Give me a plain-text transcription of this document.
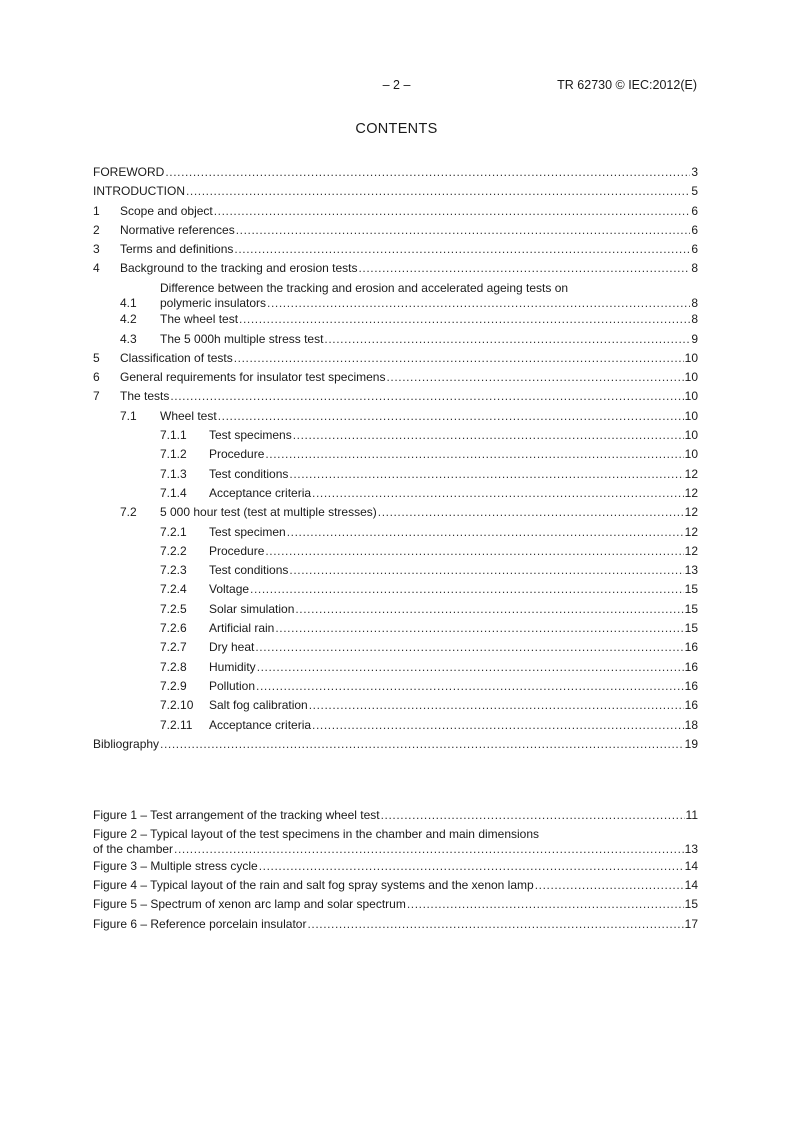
– 2 –	TR 62730 © IEC:2012(E)
CONTENTS
FOREWORD .....	3
INTRODUCTION .....	5
1	Scope and object .....	6
2	Normative references .....	6
3	Terms and definitions .....	6
4	Background to the tracking and erosion tests .....	8
Difference between the tracking and erosion and accelerated ageing tests on
4.1	polymeric insulators .....	8
4.2	The wheel test .....	8
4.3	The 5 000h multiple stress test .....	9
5	Classification of tests .....	10
6	General requirements for insulator test specimens .....	10
7	The tests .....	10
7.1	Wheel test .....	10
7.1.1	Test specimens .....	10
7.1.2	Procedure .....	10
7.1.3	Test conditions .....	12
7.1.4	Acceptance criteria .....	12
7.2	5 000 hour test (test at multiple stresses) .....	12
7.2.1	Test specimen .....	12
7.2.2	Procedure .....	12
7.2.3	Test conditions .....	13
7.2.4	Voltage .....	15
7.2.5	Solar simulation .....	15
7.2.6	Artificial rain .....	15
7.2.7	Dry heat .....	16
7.2.8	Humidity .....	16
7.2.9	Pollution .....	16
7.2.10	Salt fog calibration .....	16
7.2.11	Acceptance criteria .....	18
Bibliography .....	19
Figure 1 – Test arrangement of the tracking wheel test .....	11
Figure 2 – Typical layout of the test specimens in the chamber and main dimensions
of the chamber .....	13
Figure 3 – Multiple stress cycle .....	14
Figure 4 – Typical layout of the rain and salt fog spray systems and the xenon lamp .....	14
Figure 5 – Spectrum of xenon arc lamp and solar spectrum .....	15
Figure 6 – Reference porcelain insulator .....	17
